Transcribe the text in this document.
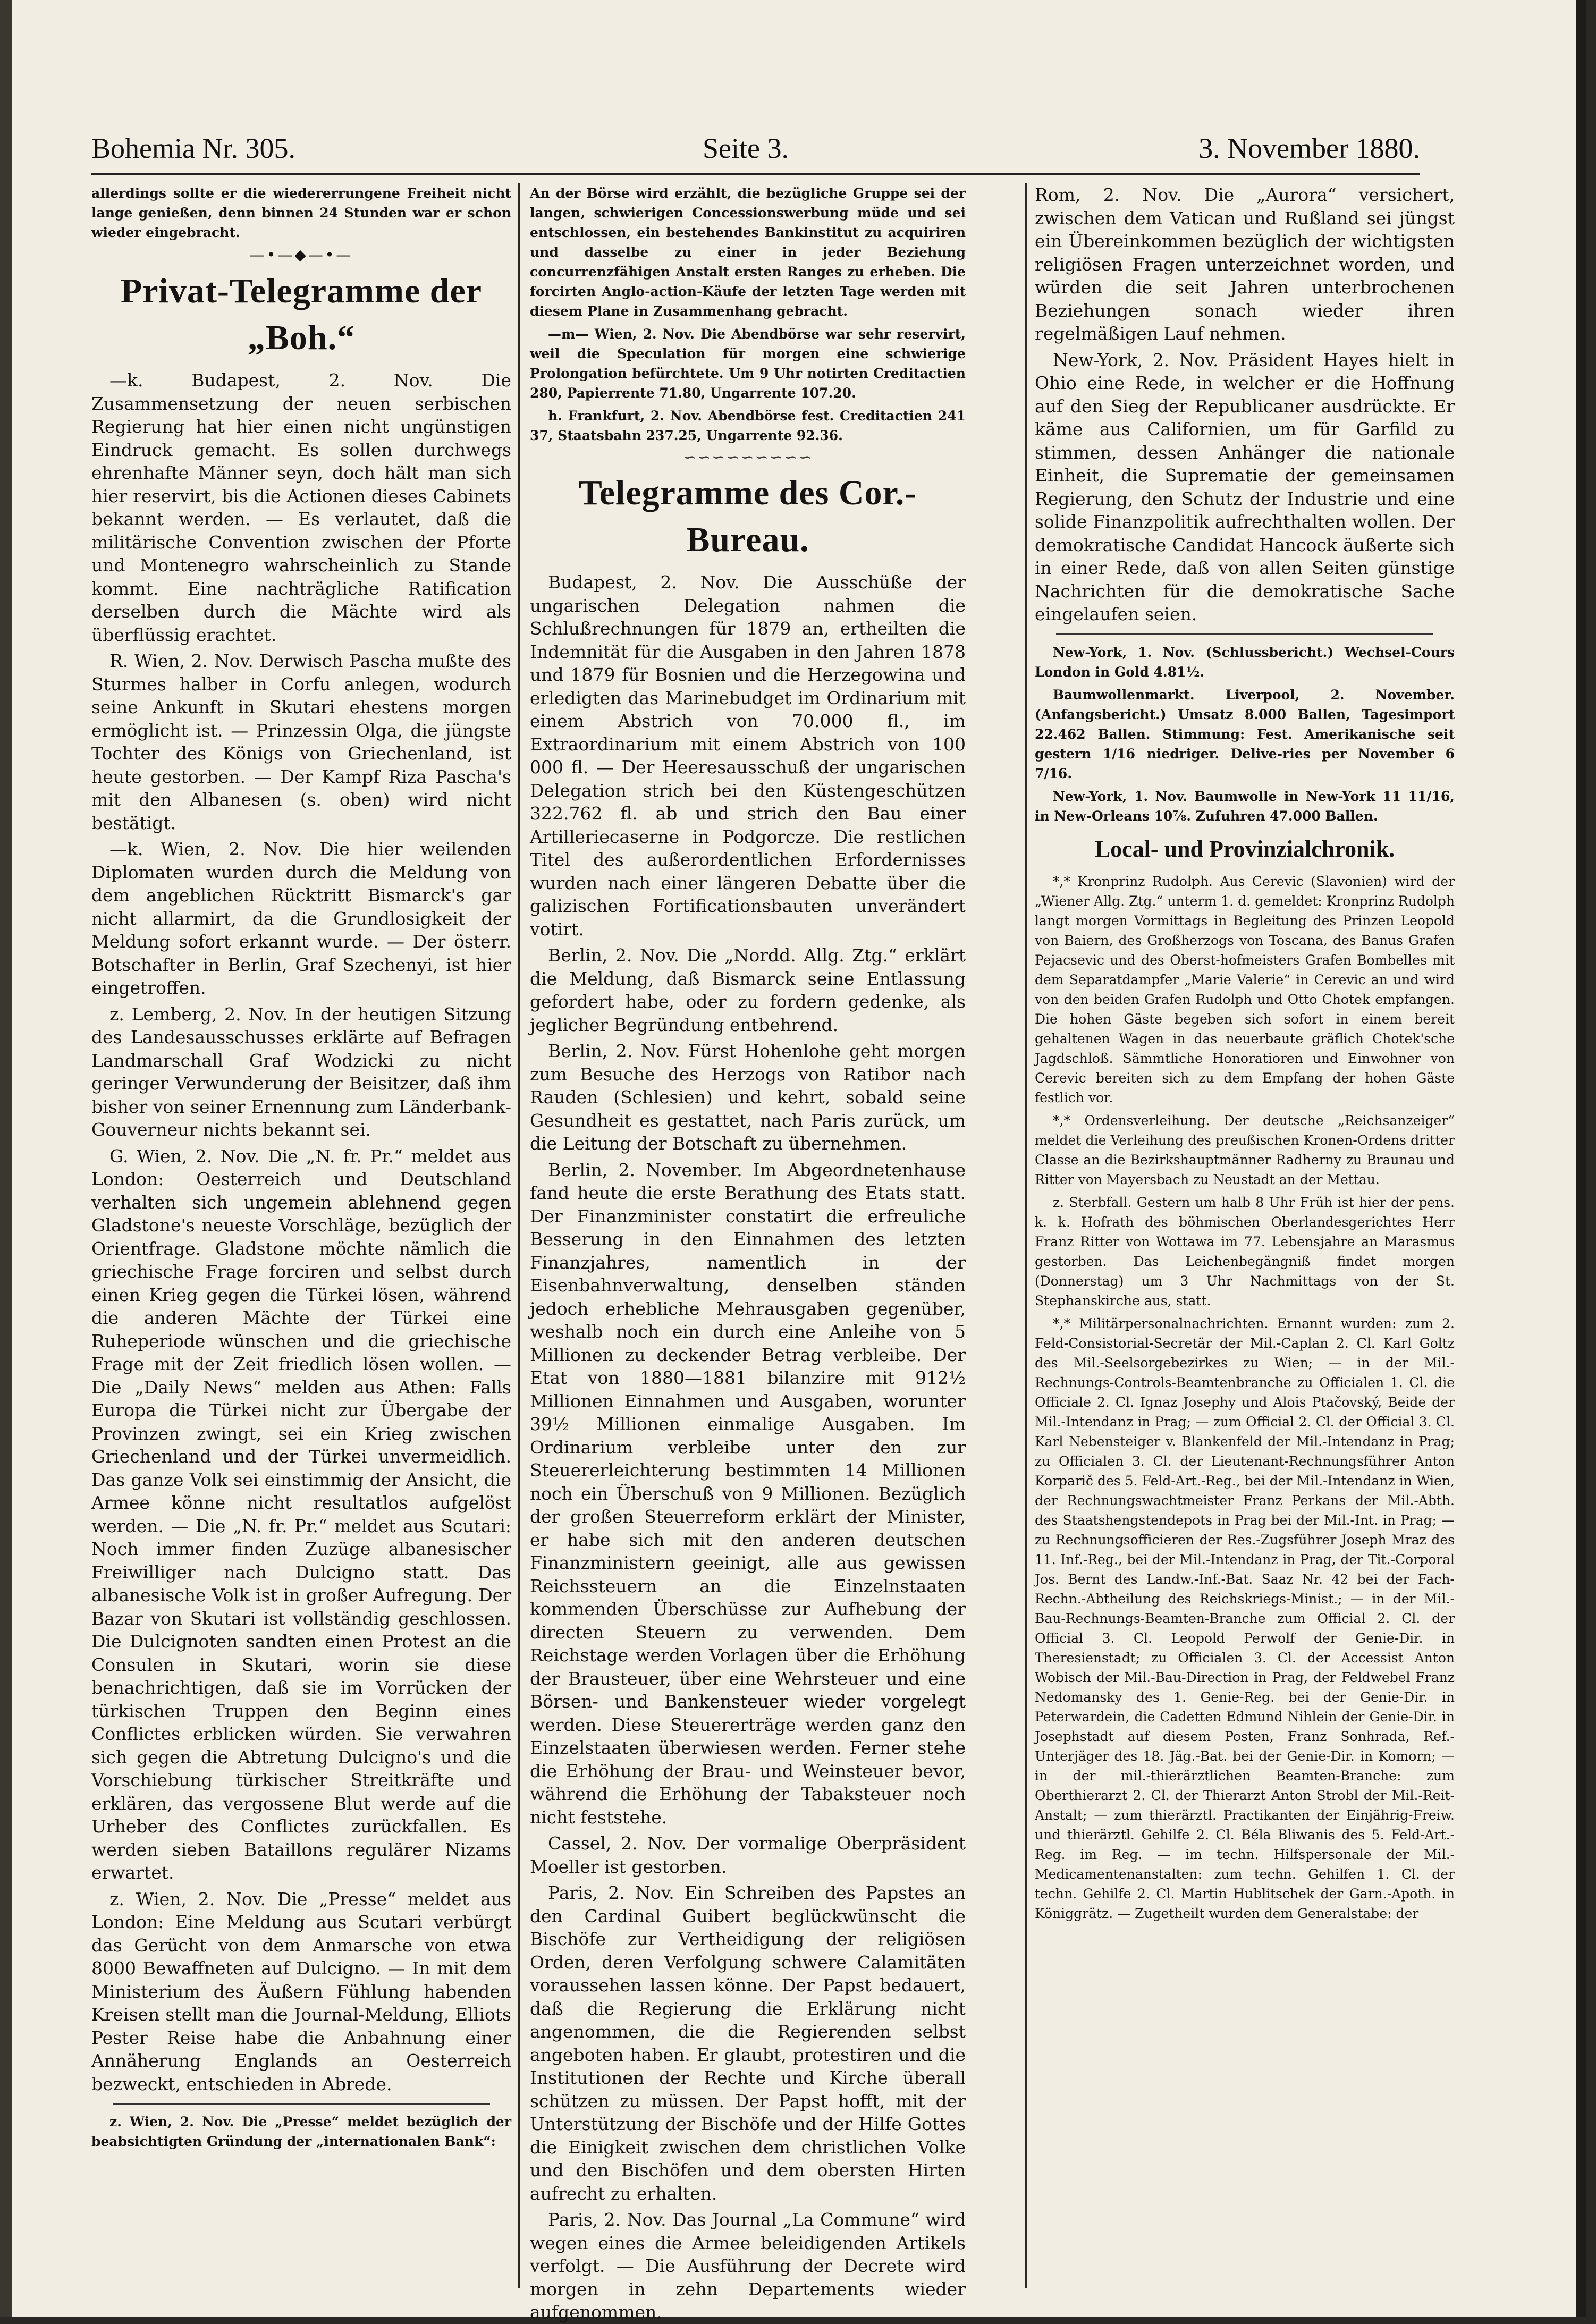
Bohemia Nr. 305.	Seite 3.	3. November 1880.

allerdings sollte er die wiedererrungene Freiheit nicht lange genießen, denn binnen 24 Stunden war er schon wieder eingebracht.

—•—◆—•—
Privat-Telegramme der „Boh.“

—k. Budapest, 2. Nov. Die Zusammensetzung der neuen serbischen Regierung hat hier einen nicht ungünstigen Eindruck gemacht. Es sollen durchwegs ehrenhafte Männer seyn, doch hält man sich hier reservirt, bis die Actionen dieses Cabinets bekannt werden. — Es verlautet, daß die militärische Convention zwischen der Pforte und Montenegro wahrscheinlich zu Stande kommt. Eine nachträgliche Ratification derselben durch die Mächte wird als überflüssig erachtet.

R. Wien, 2. Nov. Derwisch Pascha mußte des Sturmes halber in Corfu anlegen, wodurch seine Ankunft in Skutari ehestens morgen ermöglicht ist. — Prinzessin Olga, die jüngste Tochter des Königs von Griechenland, ist heute gestorben. — Der Kampf Riza Pascha's mit den Albanesen (s. oben) wird nicht bestätigt.

—k. Wien, 2. Nov. Die hier weilenden Diplomaten wurden durch die Meldung von dem angeblichen Rücktritt Bismarck's gar nicht allarmirt, da die Grundlosigkeit der Meldung sofort erkannt wurde. — Der österr. Botschafter in Berlin, Graf Szechenyi, ist hier eingetroffen.

z. Lemberg, 2. Nov. In der heutigen Sitzung des Landesausschusses erklärte auf Befragen Landmarschall Graf Wodzicki zu nicht geringer Verwunderung der Beisitzer, daß ihm bisher von seiner Ernennung zum Länderbank-Gouverneur nichts bekannt sei.

G. Wien, 2. Nov. Die „N. fr. Pr.“ meldet aus London: Oesterreich und Deutschland verhalten sich ungemein ablehnend gegen Gladstone's neueste Vorschläge, bezüglich der Orientfrage. Gladstone möchte nämlich die griechische Frage forciren und selbst durch einen Krieg gegen die Türkei lösen, während die anderen Mächte der Türkei eine Ruheperiode wünschen und die griechische Frage mit der Zeit friedlich lösen wollen. — Die „Daily News“ melden aus Athen: Falls Europa die Türkei nicht zur Übergabe der Provinzen zwingt, sei ein Krieg zwischen Griechenland und der Türkei unvermeidlich. Das ganze Volk sei einstimmig der Ansicht, die Armee könne nicht resultatlos aufgelöst werden. — Die „N. fr. Pr.“ meldet aus Scutari: Noch immer finden Zuzüge albanesischer Freiwilliger nach Dulcigno statt. Das albanesische Volk ist in großer Aufregung. Der Bazar von Skutari ist vollständig geschlossen. Die Dulcignoten sandten einen Protest an die Consulen in Skutari, worin sie diese benachrichtigen, daß sie im Vorrücken der türkischen Truppen den Beginn eines Conflictes erblicken würden. Sie verwahren sich gegen die Abtretung Dulcigno's und die Vorschiebung türkischer Streitkräfte und erklären, das vergossene Blut werde auf die Urheber des Conflictes zurückfallen. Es werden sieben Bataillons regulärer Nizams erwartet.

z. Wien, 2. Nov. Die „Presse“ meldet aus London: Eine Meldung aus Scutari verbürgt das Gerücht von dem Anmarsche von etwa 8000 Bewaffneten auf Dulcigno. — In mit dem Ministerium des Äußern Fühlung habenden Kreisen stellt man die Journal-Meldung, Elliots Pester Reise habe die Anbahnung einer Annäherung Englands an Oesterreich bezweckt, entschieden in Abrede.

z. Wien, 2. Nov. Die „Presse“ meldet bezüglich der beabsichtigten Gründung der „internationalen Bank“:

An der Börse wird erzählt, die bezügliche Gruppe sei der langen, schwierigen Concessionswerbung müde und sei entschlossen, ein bestehendes Bankinstitut zu acquiriren und dasselbe zu einer in jeder Beziehung concurrenzfähigen Anstalt ersten Ranges zu erheben. Die forcirten Anglo-action-Käufe der letzten Tage werden mit diesem Plane in Zusammenhang gebracht.

—m— Wien, 2. Nov. Die Abendbörse war sehr reservirt, weil die Speculation für morgen eine schwierige Prolongation befürchtete. Um 9 Uhr notirten Creditactien 280, Papierrente 71.80, Ungarrente 107.20.

h. Frankfurt, 2. Nov. Abendbörse fest. Creditactien 241 37, Staatsbahn 237.25, Ungarrente 92.36.

∽∽∽∽∽∽∽∽∽
Telegramme des Cor.-Bureau.

Budapest, 2. Nov. Die Ausschüße der ungarischen Delegation nahmen die Schlußrechnungen für 1879 an, ertheilten die Indemnität für die Ausgaben in den Jahren 1878 und 1879 für Bosnien und die Herzegowina und erledigten das Marinebudget im Ordinarium mit einem Abstrich von 70.000 fl., im Extraordinarium mit einem Abstrich von 100 000 fl. — Der Heeresausschuß der ungarischen Delegation strich bei den Küstengeschützen 322.762 fl. ab und strich den Bau einer Artilleriecaserne in Podgorcze. Die restlichen Titel des außerordentlichen Erfordernisses wurden nach einer längeren Debatte über die galizischen Fortificationsbauten unverändert votirt.

Berlin, 2. Nov. Die „Nordd. Allg. Ztg.“ erklärt die Meldung, daß Bismarck seine Entlassung gefordert habe, oder zu fordern gedenke, als jeglicher Begründung entbehrend.

Berlin, 2. Nov. Fürst Hohenlohe geht morgen zum Besuche des Herzogs von Ratibor nach Rauden (Schlesien) und kehrt, sobald seine Gesundheit es gestattet, nach Paris zurück, um die Leitung der Botschaft zu übernehmen.

Berlin, 2. November. Im Abgeordnetenhause fand heute die erste Berathung des Etats statt. Der Finanzminister constatirt die erfreuliche Besserung in den Einnahmen des letzten Finanzjahres, namentlich in der Eisenbahnverwaltung, denselben ständen jedoch erhebliche Mehrausgaben gegenüber, weshalb noch ein durch eine Anleihe von 5 Millionen zu deckender Betrag verbleibe. Der Etat von 1880—1881 bilanzire mit 912½ Millionen Einnahmen und Ausgaben, worunter 39½ Millionen einmalige Ausgaben. Im Ordinarium verbleibe unter den zur Steuererleichterung bestimmten 14 Millionen noch ein Überschuß von 9 Millionen. Bezüglich der großen Steuerreform erklärt der Minister, er habe sich mit den anderen deutschen Finanzministern geeinigt, alle aus gewissen Reichssteuern an die Einzelnstaaten kommenden Überschüsse zur Aufhebung der directen Steuern zu verwenden. Dem Reichstage werden Vorlagen über die Erhöhung der Brausteuer, über eine Wehrsteuer und eine Börsen- und Bankensteuer wieder vorgelegt werden. Diese Steuererträge werden ganz den Einzelstaaten überwiesen werden. Ferner stehe die Erhöhung der Brau- und Weinsteuer bevor, während die Erhöhung der Tabaksteuer noch nicht feststehe.

Cassel, 2. Nov. Der vormalige Oberpräsident Moeller ist gestorben.

Paris, 2. Nov. Ein Schreiben des Papstes an den Cardinal Guibert beglückwünscht die Bischöfe zur Vertheidigung der religiösen Orden, deren Verfolgung schwere Calamitäten voraussehen lassen könne. Der Papst bedauert, daß die Regierung die Erklärung nicht angenommen, die die Regierenden selbst angeboten haben. Er glaubt, protestiren und die Institutionen der Rechte und Kirche überall schützen zu müssen. Der Papst hofft, mit der Unterstützung der Bischöfe und der Hilfe Gottes die Einigkeit zwischen dem christlichen Volke und den Bischöfen und dem obersten Hirten aufrecht zu erhalten.

Paris, 2. Nov. Das Journal „La Commune“ wird wegen eines die Armee beleidigenden Artikels verfolgt. — Die Ausführung der Decrete wird morgen in zehn Departements wieder aufgenommen.

Rom, 2. Nov. Die „Aurora“ versichert, zwischen dem Vatican und Rußland sei jüngst ein Übereinkommen bezüglich der wichtigsten religiösen Fragen unterzeichnet worden, und würden die seit Jahren unterbrochenen Beziehungen sonach wieder ihren regelmäßigen Lauf nehmen.

New-York, 2. Nov. Präsident Hayes hielt in Ohio eine Rede, in welcher er die Hoffnung auf den Sieg der Republicaner ausdrückte. Er käme aus Californien, um für Garfild zu stimmen, dessen Anhänger die nationale Einheit, die Suprematie der gemeinsamen Regierung, den Schutz der Industrie und eine solide Finanzpolitik aufrechthalten wollen. Der demokratische Candidat Hancock äußerte sich in einer Rede, daß von allen Seiten günstige Nachrichten für die demokratische Sache eingelaufen seien.

New-York, 1. Nov. (Schlussbericht.) Wechsel-Cours London in Gold 4.81½.

Baumwollenmarkt. Liverpool, 2. November. (Anfangsbericht.) Umsatz 8.000 Ballen, Tagesimport 22.462 Ballen. Stimmung: Fest. Amerikanische seit gestern 1/16 niedriger. Delive-ries per November 6 7/16.

New-York, 1. Nov. Baumwolle in New-York 11 11/16, in New-Orleans 10⅞. Zufuhren 47.000 Ballen.

Local- und Provinzialchronik.

*,* Kronprinz Rudolph. Aus Cerevic (Slavonien) wird der „Wiener Allg. Ztg.“ unterm 1. d. gemeldet: Kronprinz Rudolph langt morgen Vormittags in Begleitung des Prinzen Leopold von Baiern, des Großherzogs von Toscana, des Banus Grafen Pejacsevic und des Oberst-hofmeisters Grafen Bombelles mit dem Separatdampfer „Marie Valerie“ in Cerevic an und wird von den beiden Grafen Rudolph und Otto Chotek empfangen. Die hohen Gäste begeben sich sofort in einem bereit gehaltenen Wagen in das neuerbaute gräflich Chotek'sche Jagdschloß. Sämmtliche Honoratioren und Einwohner von Cerevic bereiten sich zu dem Empfang der hohen Gäste festlich vor.

*,* Ordensverleihung. Der deutsche „Reichsanzeiger“ meldet die Verleihung des preußischen Kronen-Ordens dritter Classe an die Bezirkshauptmänner Radherny zu Braunau und Ritter von Mayersbach zu Neustadt an der Mettau.

z. Sterbfall. Gestern um halb 8 Uhr Früh ist hier der pens. k. k. Hofrath des böhmischen Oberlandesgerichtes Herr Franz Ritter von Wottawa im 77. Lebensjahre an Marasmus gestorben. Das Leichenbegängniß findet morgen (Donnerstag) um 3 Uhr Nachmittags von der St. Stephanskirche aus, statt.

*,* Militärpersonalnachrichten. Ernannt wurden: zum 2. Feld-Consistorial-Secretär der Mil.-Caplan 2. Cl. Karl Goltz des Mil.-Seelsorgebezirkes zu Wien; — in der Mil.-Rechnungs-Controls-Beamtenbranche zu Officialen 1. Cl. die Officiale 2. Cl. Ignaz Josephy und Alois Ptačovský, Beide der Mil.-Intendanz in Prag; — zum Official 2. Cl. der Official 3. Cl. Karl Nebensteiger v. Blankenfeld der Mil.-Intendanz in Prag; zu Officialen 3. Cl. der Lieutenant-Rechnungsführer Anton Korparič des 5. Feld-Art.-Reg., bei der Mil.-Intendanz in Wien, der Rechnungswachtmeister Franz Perkans der Mil.-Abth. des Staatshengstendepots in Prag bei der Mil.-Int. in Prag; — zu Rechnungsofficieren der Res.-Zugsführer Joseph Mraz des 11. Inf.-Reg., bei der Mil.-Intendanz in Prag, der Tit.-Corporal Jos. Bernt des Landw.-Inf.-Bat. Saaz Nr. 42 bei der Fach-Rechn.-Abtheilung des Reichskriegs-Minist.; — in der Mil.-Bau-Rechnungs-Beamten-Branche zum Official 2. Cl. der Official 3. Cl. Leopold Perwolf der Genie-Dir. in Theresienstadt; zu Officialen 3. Cl. der Accessist Anton Wobisch der Mil.-Bau-Direction in Prag, der Feldwebel Franz Nedomansky des 1. Genie-Reg. bei der Genie-Dir. in Peterwardein, die Cadetten Edmund Nihlein der Genie-Dir. in Josephstadt auf diesem Posten, Franz Sonhrada, Ref.-Unterjäger des 18. Jäg.-Bat. bei der Genie-Dir. in Komorn; — in der mil.-thierärztlichen Beamten-Branche: zum Oberthierarzt 2. Cl. der Thierarzt Anton Strobl der Mil.-Reit-Anstalt; — zum thierärztl. Practikanten der Einjährig-Freiw. und thierärztl. Gehilfe 2. Cl. Béla Bliwanis des 5. Feld-Art.-Reg. im Reg. — im techn. Hilfspersonale der Mil.-Medicamentenanstalten: zum techn. Gehilfen 1. Cl. der techn. Gehilfe 2. Cl. Martin Hublitschek der Garn.-Apoth. in Königgrätz. — Zugetheilt wurden dem Generalstabe: der
